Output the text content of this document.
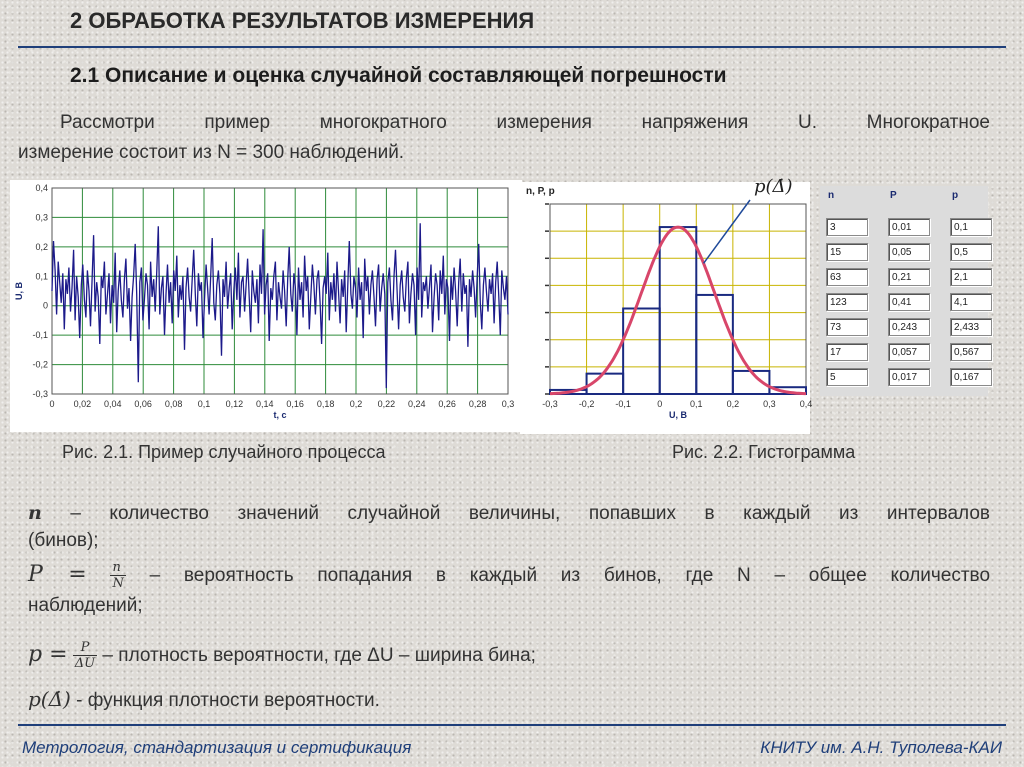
2 ОБРАБОТКА РЕЗУЛЬТАТОВ ИЗМЕРЕНИЯ
2.1 Описание и оценка случайной составляющей погрешности
Рассмотри пример многократного измерения напряжения U. Многократное
измерение состоит из N = 300 наблюдений.
0 0,02 0,04 0,06 0,08 0,1 0,12 0,14 0,16 0,18 0,2 0,22 0,24 0,26 0,28 0,3
-0,3
-0,2
-0,1
0
0,1
0,2
0,3
0,4
t, c
U, B
-0,3 -0,2 -0,1	0	0,1	0,2	0,3	0,4
p(Δ̇)
n, P, p
U, B
n	P	p
3	0,01	0,1
15	0,05	0,5
63	0,21	2,1
123	0,41	4,1
73	0,243	2,433
17	0,057	0,567
5	0,017	0,167
Рис. 2.1. Пример случайного процесса	Рис. 2.2. Гистограмма
n – количество значений случайной величины, попавших в каждый из интервалов
(бинов);
$P = \frac{n}{N}$ – вероятность попадания в каждый из бинов, где N – общее количество
наблюдений;
$p = \frac{P}{\Delta U}$ – плотность вероятности, где ΔU – ширина бина;
p(Δ̇) - функция плотности вероятности.
Метрология, стандартизация и сертификация	КНИТУ им. А.Н. Туполева-КАИ
